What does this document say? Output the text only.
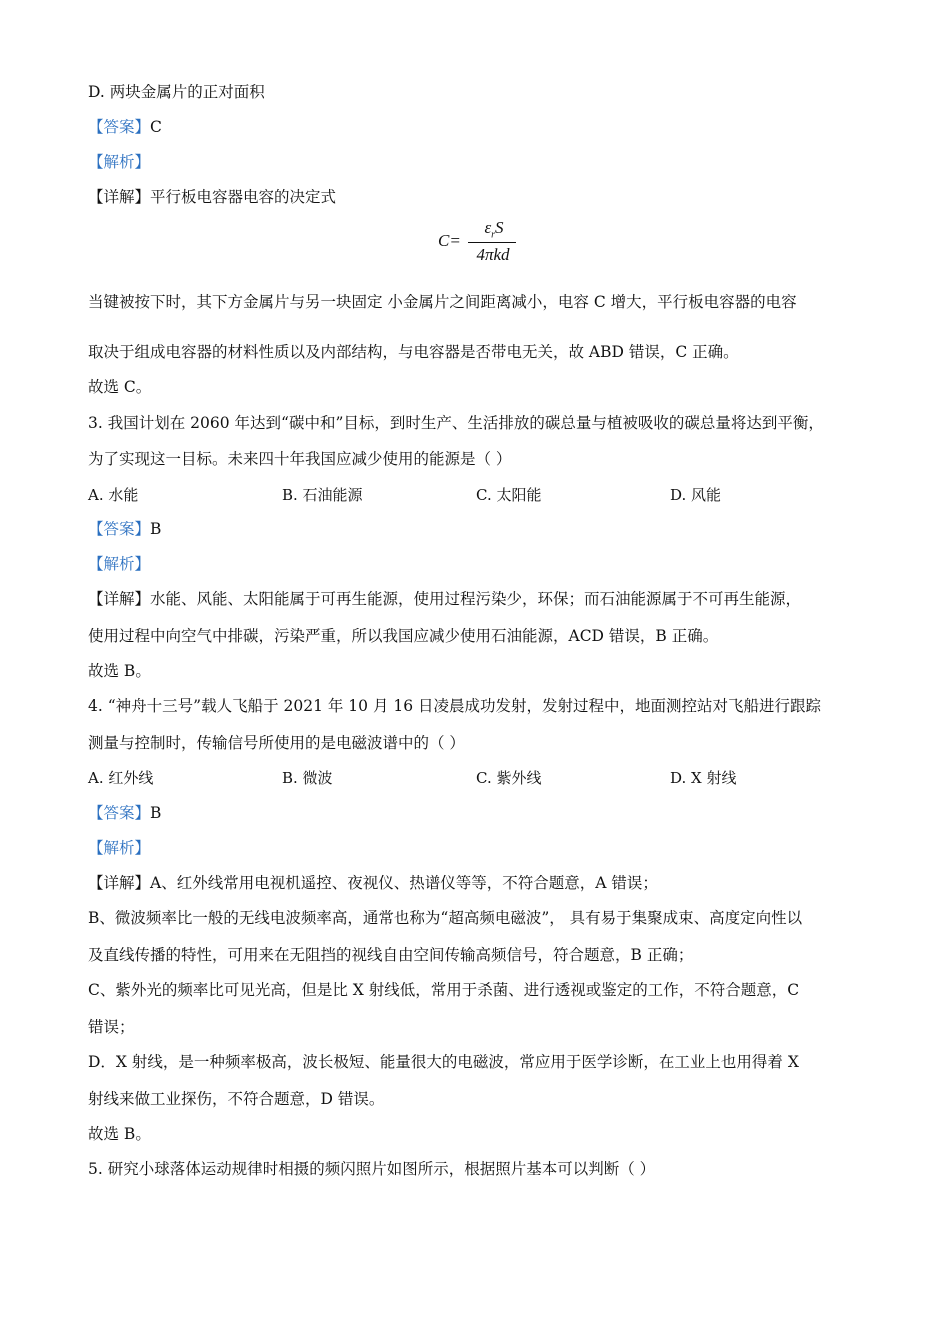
D. 两块金属片的正对面积
【答案】C
【解析】
【详解】平行板电容器电容的决定式
C=
$\varepsilon_rS$
4πkd
当键被按下时，其下方金属片与另一块固定 小金属片之间距离减小，电容 C 增大，平行板电容器的电容
取决于组成电容器的材料性质以及内部结构，与电容器是否带电无关，故 ABD 错误，C 正确。
故选 C。
3. 我国计划在 2060 年达到“碳中和”目标，到时生产、生活排放的碳总量与植被吸收的碳总量将达到平衡，
为了实现这一目标。未来四十年我国应减少使用的能源是（ ）
A. 水能	B. 石油能源	C. 太阳能	D. 风能
【答案】B
【解析】
【详解】水能、风能、太阳能属于可再生能源，使用过程污染少，环保；而石油能源属于不可再生能源，
使用过程中向空气中排碳，污染严重，所以我国应减少使用石油能源，ACD 错误，B 正确。
故选 B。
4. “神舟十三号”载人飞船于 2021 年 10 月 16 日凌晨成功发射，发射过程中，地面测控站对飞船进行跟踪
测量与控制时，传输信号所使用的是电磁波谱中的（ ）
A. 红外线	B. 微波	C. 紫外线	D. X 射线
【答案】B
【解析】
【详解】A、红外线常用电视机遥控、夜视仪、热谱仪等等，不符合题意，A 错误；
B、微波频率比一般的无线电波频率高，通常也称为“超高频电磁波”， 具有易于集聚成束、高度定向性以
及直线传播的特性，可用来在无阻挡的视线自由空间传输高频信号，符合题意，B 正确；
C、紫外光的频率比可见光高，但是比 X 射线低，常用于杀菌、进行透视或鉴定的工作，不符合题意，C
错误；
D．X 射线，是一种频率极高，波长极短、能量很大的电磁波，常应用于医学诊断，在工业上也用得着 X
射线来做工业探伤，不符合题意，D 错误。
故选 B。
5. 研究小球落体运动规律时相摄的频闪照片如图所示，根据照片基本可以判断（ ）
